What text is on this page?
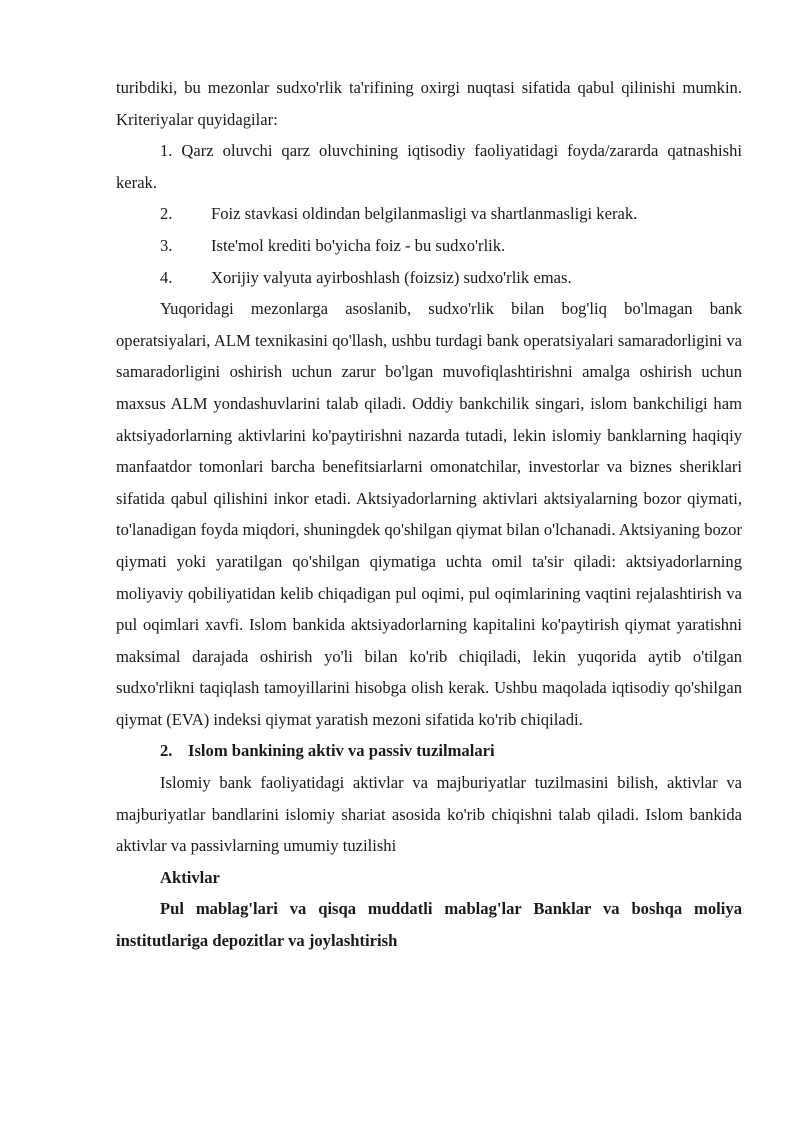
turibdiki, bu mezonlar sudxo'rlik ta'rifining oxirgi nuqtasi sifatida qabul qilinishi mumkin. Kriteriyalar quyidagilar:

1. Qarz oluvchi qarz oluvchining iqtisodiy faoliyatidagi foyda/zararda qatnashishi kerak.

2.	Foiz stavkasi oldindan belgilanmasligi va shartlanmasligi kerak.
3.	Iste'mol krediti bo'yicha foiz - bu sudxo'rlik.
4.	Xorijiy valyuta ayirboshlash (foizsiz) sudxo'rlik emas.

Yuqoridagi mezonlarga asoslanib, sudxo'rlik bilan bog'liq bo'lmagan bank operatsiyalari, ALM texnikasini qo'llash, ushbu turdagi bank operatsiyalari samaradorligini va samaradorligini oshirish uchun zarur bo'lgan muvofiqlashtirishni amalga oshirish uchun maxsus ALM yondashuvlarini talab qiladi. Oddiy bankchilik singari, islom bankchiligi ham aktsiyadorlarning aktivlarini ko'paytirishni nazarda tutadi, lekin islomiy banklarning haqiqiy manfaatdor tomonlari barcha benefitsiarlarni omonatchilar, investorlar va biznes sheriklari sifatida qabul qilishini inkor etadi. Aktsiyadorlarning aktivlari aktsiyalarning bozor qiymati, to'lanadigan foyda miqdori, shuningdek qo'shilgan qiymat bilan o'lchanadi. Aktsiyaning bozor qiymati yoki yaratilgan qo'shilgan qiymatiga uchta omil ta'sir qiladi: aktsiyadorlarning moliyaviy qobiliyatidan kelib chiqadigan pul oqimi, pul oqimlarining vaqtini rejalashtirish va pul oqimlari xavfi. Islom bankida aktsiyadorlarning kapitalini ko'paytirish qiymat yaratishni maksimal darajada oshirish yo'li bilan ko'rib chiqiladi, lekin yuqorida aytib o'tilgan sudxo'rlikni taqiqlash tamoyillarini hisobga olish kerak. Ushbu maqolada iqtisodiy qo'shilgan qiymat (EVA) indeksi qiymat yaratish mezoni sifatida ko'rib chiqiladi.

2. Islom bankining aktiv va passiv tuzilmalari

Islomiy bank faoliyatidagi aktivlar va majburiyatlar tuzilmasini bilish, aktivlar va majburiyatlar bandlarini islomiy shariat asosida ko'rib chiqishni talab qiladi. Islom bankida aktivlar va passivlarning umumiy tuzilishi

Aktivlar

Pul mablag'lari va qisqa muddatli mablag'lar Banklar va boshqa moliya institutlariga depozitlar va joylashtirish
